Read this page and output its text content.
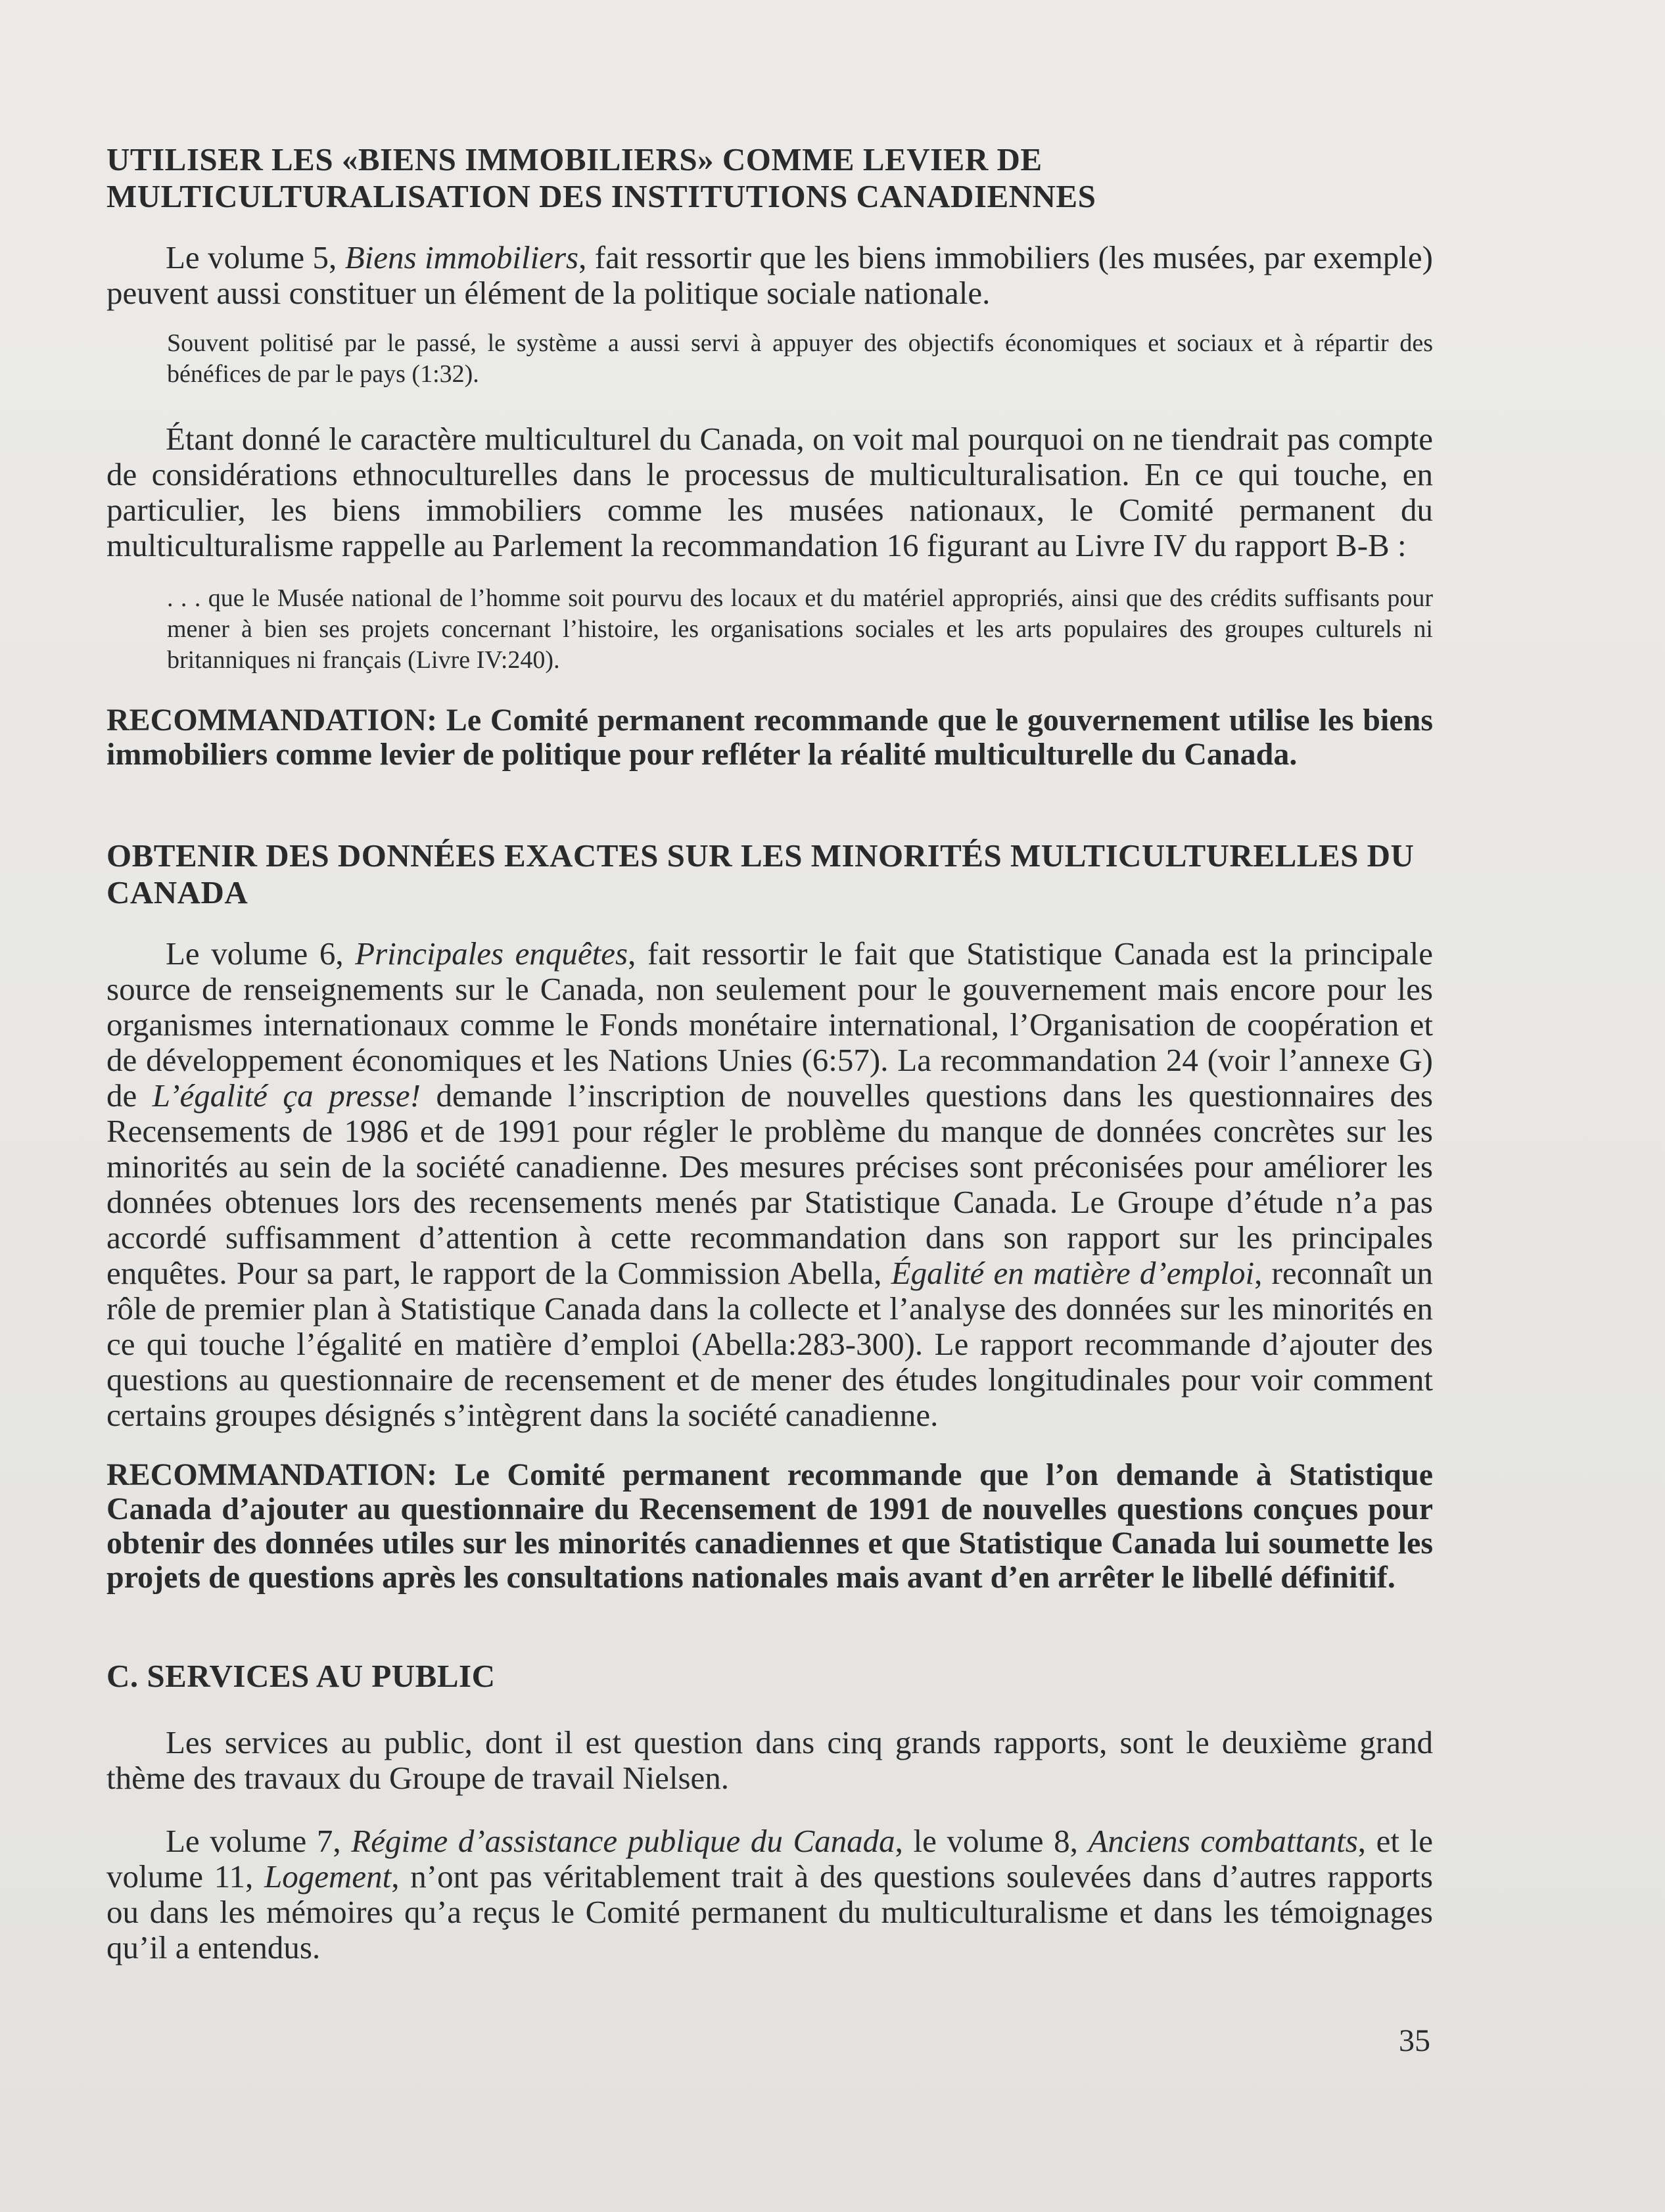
UTILISER LES «BIENS IMMOBILIERS» COMME LEVIER DE MULTICULTURALISATION DES INSTITUTIONS CANADIENNES

Le volume 5, Biens immobiliers, fait ressortir que les biens immobiliers (les musées, par exemple) peuvent aussi constituer un élément de la politique sociale nationale.

Souvent politisé par le passé, le système a aussi servi à appuyer des objectifs économiques et sociaux et à répartir des bénéfices de par le pays (1:32).

Étant donné le caractère multiculturel du Canada, on voit mal pourquoi on ne tiendrait pas compte de considérations ethnoculturelles dans le processus de multiculturalisation. En ce qui touche, en particulier, les biens immobiliers comme les musées nationaux, le Comité permanent du multiculturalisme rappelle au Parlement la recommandation 16 figurant au Livre IV du rapport B-B :

. . . que le Musée national de l’homme soit pourvu des locaux et du matériel appropriés, ainsi que des crédits suffisants pour mener à bien ses projets concernant l’histoire, les organisations sociales et les arts populaires des groupes culturels ni britanniques ni français (Livre IV:240).

RECOMMANDATION: Le Comité permanent recommande que le gouvernement utilise les biens immobiliers comme levier de politique pour refléter la réalité multiculturelle du Canada.

OBTENIR DES DONNÉES EXACTES SUR LES MINORITÉS MULTICULTURELLES DU CANADA

Le volume 6, Principales enquêtes, fait ressortir le fait que Statistique Canada est la principale source de renseignements sur le Canada, non seulement pour le gouvernement mais encore pour les organismes internationaux comme le Fonds monétaire international, l’Organisation de coopération et de développement économiques et les Nations Unies (6:57). La recommandation 24 (voir l’annexe G) de L’égalité ça presse! demande l’inscription de nouvelles questions dans les questionnaires des Recensements de 1986 et de 1991 pour régler le problème du manque de données concrètes sur les minorités au sein de la société canadienne. Des mesures précises sont préconisées pour améliorer les données obtenues lors des recensements menés par Statistique Canada. Le Groupe d’étude n’a pas accordé suffisamment d’attention à cette recommandation dans son rapport sur les principales enquêtes. Pour sa part, le rapport de la Commission Abella, Égalité en matière d’emploi, reconnaît un rôle de premier plan à Statistique Canada dans la collecte et l’analyse des données sur les minorités en ce qui touche l’égalité en matière d’emploi (Abella:283-300). Le rapport recommande d’ajouter des questions au questionnaire de recensement et de mener des études longitudinales pour voir comment certains groupes désignés s’intègrent dans la société canadienne.

RECOMMANDATION: Le Comité permanent recommande que l’on demande à Statistique Canada d’ajouter au questionnaire du Recensement de 1991 de nouvelles questions conçues pour obtenir des données utiles sur les minorités canadiennes et que Statistique Canada lui soumette les projets de questions après les consultations nationales mais avant d’en arrêter le libellé définitif.

C. SERVICES AU PUBLIC

Les services au public, dont il est question dans cinq grands rapports, sont le deuxième grand thème des travaux du Groupe de travail Nielsen.

Le volume 7, Régime d’assistance publique du Canada, le volume 8, Anciens combattants, et le volume 11, Logement, n’ont pas véritablement trait à des questions soulevées dans d’autres rapports ou dans les mémoires qu’a reçus le Comité permanent du multiculturalisme et dans les témoignages qu’il a entendus.

35
